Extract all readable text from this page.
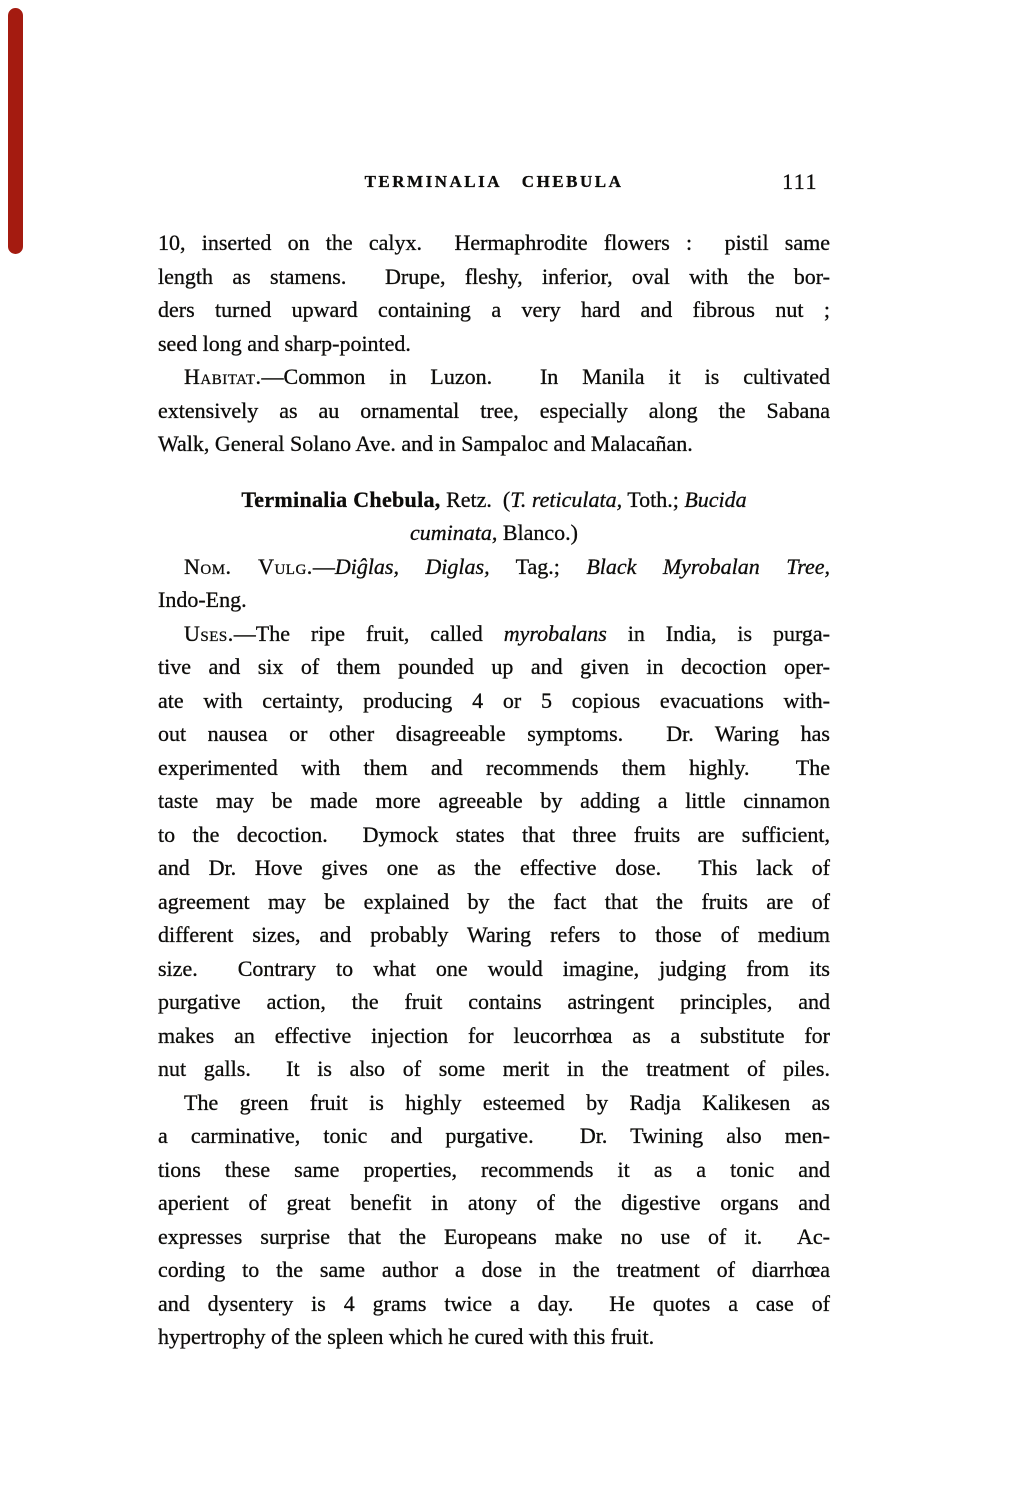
TERMINALIA CHEBULA	111
10, inserted on the calyx.  Hermaphrodite flowers :  pistil same
length as stamens.  Drupe, fleshy, inferior, oval with the bor-
ders turned upward containing a very hard and fibrous nut ;
seed long and sharp-pointed.
Habitat.—Common in Luzon.  In Manila it is cultivated
extensively as au ornamental tree, especially along the Sabana
Walk, General Solano Ave. and in Sampaloc and Malacañan.
Terminalia Chebula, Retz.  (T. reticulata, Toth.; Bucida
cuminata, Blanco.)
Nom. Vulg.—Diĝlas, Diglas, Tag.; Black Myrobalan Tree,
Indo-Eng.
Uses.—The ripe fruit, called myrobalans in India, is purga-
tive and six of them pounded up and given in decoction oper-
ate with certainty, producing 4 or 5 copious evacuations with-
out nausea or other disagreeable symptoms.  Dr. Waring has
experimented with them and recommends them highly.  The
taste may be made more agreeable by adding a little cinnamon
to the decoction.  Dymock states that three fruits are sufficient,
and Dr. Hove gives one as the effective dose.  This lack of
agreement may be explained by the fact that the fruits are of
different sizes, and probably Waring refers to those of medium
size.  Contrary to what one would imagine, judging from its
purgative action, the fruit contains astringent principles, and
makes an effective injection for leucorrhœa as a substitute for
nut galls.  It is also of some merit in the treatment of piles.
The green fruit is highly esteemed by Radja Kalikesen as
a carminative, tonic and purgative.  Dr. Twining also men-
tions these same properties, recommends it as a tonic and
aperient of great benefit in atony of the digestive organs and
expresses surprise that the Europeans make no use of it.  Ac-
cording to the same author a dose in the treatment of diarrhœa
and dysentery is 4 grams twice a day.  He quotes a case of
hypertrophy of the spleen which he cured with this fruit.
